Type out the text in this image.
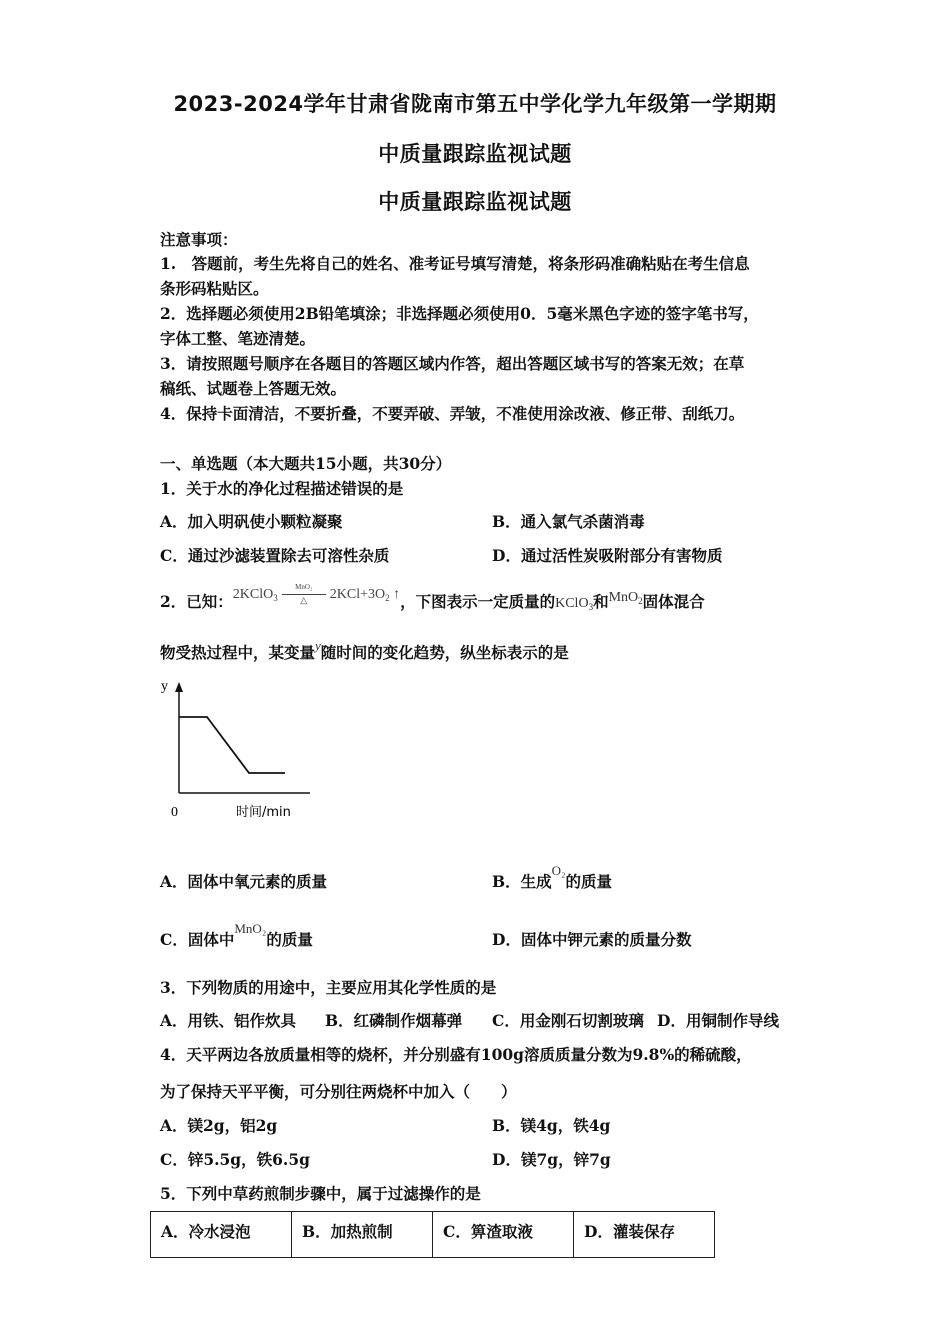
2023-2024学年甘肃省陇南市第五中学化学九年级第一学期期
中质量跟踪监视试题
中质量跟踪监视试题
注意事项：
1.　答题前，考生先将自己的姓名、准考证号填写清楚，将条形码准确粘贴在考生信息
条形码粘贴区。
2．选择题必须使用2B铅笔填涂；非选择题必须使用0．5毫米黑色字迹的签字笔书写，
字体工整、笔迹清楚。
3．请按照题号顺序在各题目的答题区域内作答，超出答题区域书写的答案无效；在草
稿纸、试题卷上答题无效。
4．保持卡面清洁，不要折叠，不要弄破、弄皱，不准使用涂改液、修正带、刮纸刀。
一、单选题（本大题共15小题，共30分）
1．关于水的净化过程描述错误的是
A．加入明矾使小颗粒凝聚	B．通入氯气杀菌消毒
C．通过沙滤装置除去可溶性杂质	D．通过活性炭吸附部分有害物质
2．已知：2KClO$_3$
MnO₂
△	$2KCl+3O_2$ ↑，下图表示一定质量的KClO$_3$和MnO$_2$固体混合
物受热过程中，某变量$^y$随时间的变化趋势，纵坐标表示的是
y
0	时间/min
A．固体中氧元素的质量	B．生成$^{O_2}$的质量
C．固体中$^{MnO_2}$的质量	D．固体中钾元素的质量分数
3．下列物质的用途中，主要应用其化学性质的是
A．用铁、铝作炊具 B．红磷制作烟幕弹 C．用金刚石切割玻璃 D．用铜制作导线
4．天平两边各放质量相等的烧杯，并分别盛有100g溶质质量分数为9.8%的稀硫酸，
为了保持天平平衡，可分别往两烧杯中加入（　　）
A．镁2g，铝2g	B．镁4g，铁4g
C．锌5.5g，铁6.5g	D．镁7g，锌7g
5．下列中草药煎制步骤中，属于过滤操作的是
A．冷水浸泡	B．加热煎制	C．箅渣取液	D．灌装保存
